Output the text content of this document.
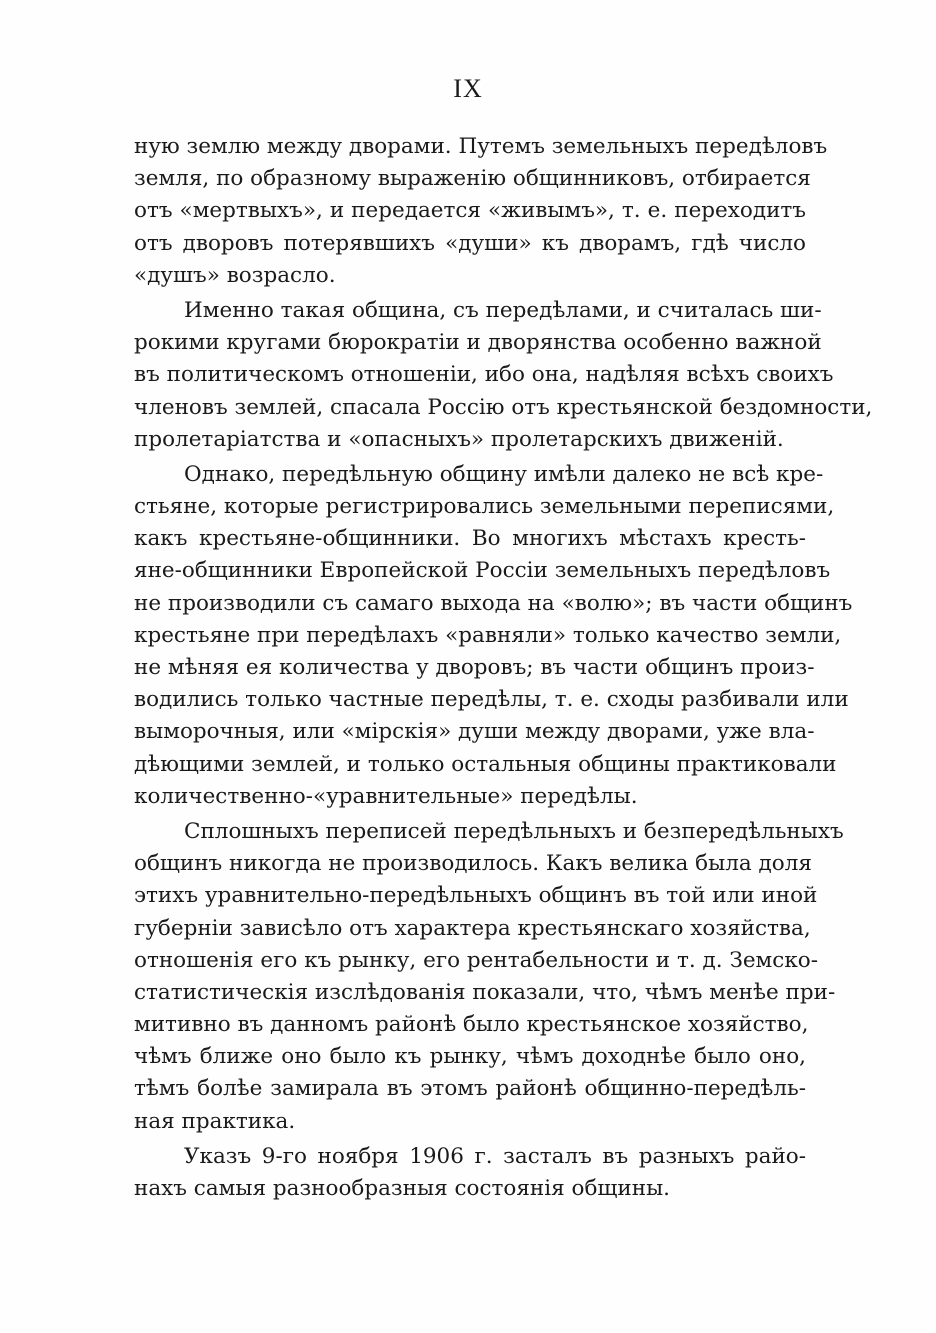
IX
ную землю между дворами. Путемъ земельныхъ передѣловъ
земля, по образному выраженію общинниковъ, отбирается
отъ «мертвыхъ», и передается «живымъ», т. е. переходитъ
отъ дворовъ потерявшихъ «души» къ дворамъ, гдѣ число
«душъ» возрасло.
Именно такая община, съ передѣлами, и считалась ши-
рокими кругами бюрократіи и дворянства особенно важной
въ политическомъ отношеніи, ибо она, надѣляя всѣхъ своихъ
членовъ землей, спасала Россію отъ крестьянской бездомности,
пролетаріатства и «опасныхъ» пролетарскихъ движеній.
Однако, передѣльную общину имѣли далеко не всѣ кре-
стьяне, которые регистрировались земельными переписями,
какъ крестьяне-общинники. Во многихъ мѣстахъ кресть-
яне-общинники Европейской Россіи земельныхъ передѣловъ
не производили съ самаго выхода на «волю»; въ части общинъ
крестьяне при передѣлахъ «равняли» только качество земли,
не мѣняя ея количества у дворовъ; въ части общинъ произ-
водились только частные передѣлы, т. е. сходы разбивали или
выморочныя, или «мірскія» души между дворами, уже вла-
дѣющими землей, и только остальныя общины практиковали
количественно-«уравнительные» передѣлы.
Сплошныхъ переписей передѣльныхъ и безпередѣльныхъ
общинъ никогда не производилось. Какъ велика была доля
этихъ уравнительно-передѣльныхъ общинъ въ той или иной
губерніи зависѣло отъ характера крестьянскаго хозяйства,
отношенія его къ рынку, его рентабельности и т. д. Земско-
статистическія изслѣдованія показали, что, чѣмъ менѣе при-
митивно въ данномъ районѣ было крестьянское хозяйство,
чѣмъ ближе оно было къ рынку, чѣмъ доходнѣе было оно,
тѣмъ болѣе замирала въ этомъ районѣ общинно-передѣль-
ная практика.
Указъ 9-го ноября 1906 г. засталъ въ разныхъ райо-
нахъ самыя разнообразныя состоянія общины.
